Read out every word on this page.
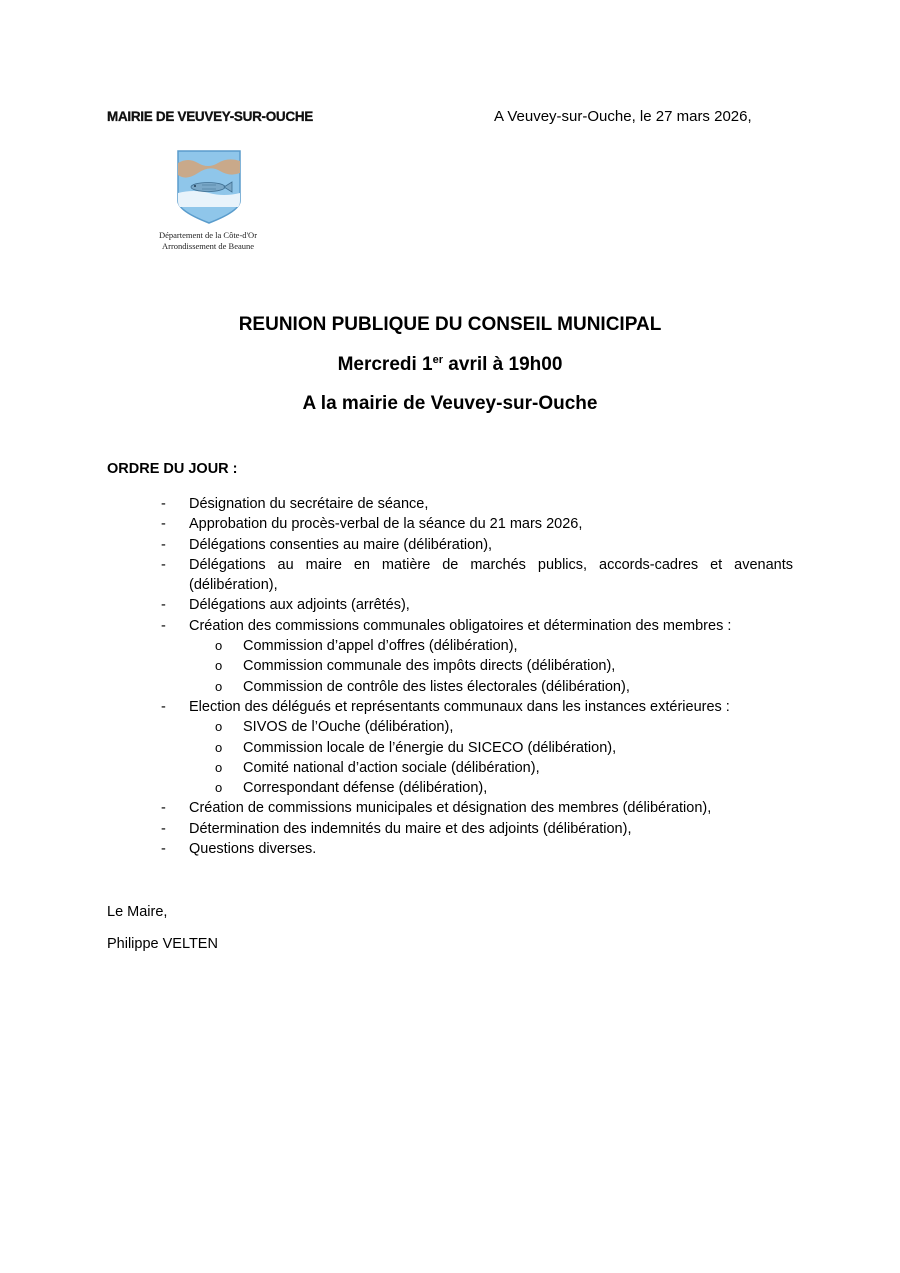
MAIRIE DE VEUVEY-SUR-OUCHE	A Veuvey-sur-Ouche, le 27 mars 2026,
Département de la Côte-d'Or
Arrondissement de Beaune
REUNION PUBLIQUE DU CONSEIL MUNICIPAL
Mercredi 1er avril à 19h00
A la mairie de Veuvey-sur-Ouche
ORDRE DU JOUR :
- Désignation du secrétaire de séance,
- Approbation du procès-verbal de la séance du 21 mars 2026,
- Délégations consenties au maire (délibération),
- Délégations au maire en matière de marchés publics, accords-cadres et avenants (délibération),
- Délégations aux adjoints (arrêtés),
- Création des commissions communales obligatoires et détermination des membres :
o Commission d’appel d’offres (délibération),
o Commission communale des impôts directs (délibération),
o Commission de contrôle des listes électorales (délibération),
- Election des délégués et représentants communaux dans les instances extérieures :
o SIVOS de l’Ouche (délibération),
o Commission locale de l’énergie du SICECO (délibération),
o Comité national d’action sociale (délibération),
o Correspondant défense (délibération),
- Création de commissions municipales et désignation des membres (délibération),
- Détermination des indemnités du maire et des adjoints (délibération),
- Questions diverses.
Le Maire,
Philippe VELTEN
